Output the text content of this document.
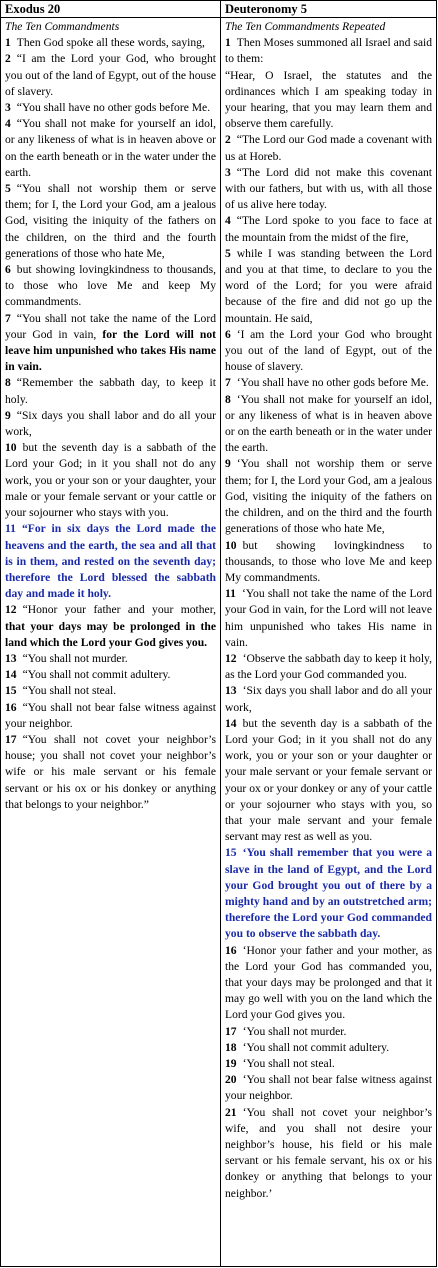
Exodus 20
The Ten Commandments
1 Then God spoke all these words, saying,
2 “I am the Lord your God, who brought you out of the land of Egypt, out of the house of slavery.
3 “You shall have no other gods before Me.
4 “You shall not make for yourself an idol, or any likeness of what is in heaven above or on the earth beneath or in the water under the earth.
5 “You shall not worship them or serve them; for I, the Lord your God, am a jealous God, visiting the iniquity of the fathers on the children, on the third and the fourth generations of those who hate Me,
6 but showing lovingkindness to thousands, to those who love Me and keep My commandments.
7 “You shall not take the name of the Lord your God in vain, for the Lord will not leave him unpunished who takes His name in vain.
8 “Remember the sabbath day, to keep it holy.
9 “Six days you shall labor and do all your work,
10 but the seventh day is a sabbath of the Lord your God; in it you shall not do any work, you or your son or your daughter, your male or your female servant or your cattle or your sojourner who stays with you.
11 “For in six days the Lord made the heavens and the earth, the sea and all that is in them, and rested on the seventh day; therefore the Lord blessed the sabbath day and made it holy.
12 “Honor your father and your mother, that your days may be prolonged in the land which the Lord your God gives you.
13 “You shall not murder.
14 “You shall not commit adultery.
15 “You shall not steal.
16 “You shall not bear false witness against your neighbor.
17 “You shall not covet your neighbor’s house; you shall not covet your neighbor’s wife or his male servant or his female servant or his ox or his donkey or anything that belongs to your neighbor.”
Deuteronomy 5
The Ten Commandments Repeated
1 Then Moses summoned all Israel and said to them:
“Hear, O Israel, the statutes and the ordinances which I am speaking today in your hearing, that you may learn them and observe them carefully.
2 “The Lord our God made a covenant with us at Horeb.
3 “The Lord did not make this covenant with our fathers, but with us, with all those of us alive here today.
4 “The Lord spoke to you face to face at the mountain from the midst of the fire,
5 while I was standing between the Lord and you at that time, to declare to you the word of the Lord; for you were afraid because of the fire and did not go up the mountain. He said,
6 ‘I am the Lord your God who brought you out of the land of Egypt, out of the house of slavery.
7 ‘You shall have no other gods before Me.
8 ‘You shall not make for yourself an idol, or any likeness of what is in heaven above or on the earth beneath or in the water under the earth.
9 ‘You shall not worship them or serve them; for I, the Lord your God, am a jealous God, visiting the iniquity of the fathers on the children, and on the third and the fourth generations of those who hate Me,
10 but showing lovingkindness to thousands, to those who love Me and keep My commandments.
11 ‘You shall not take the name of the Lord your God in vain, for the Lord will not leave him unpunished who takes His name in vain.
12 ‘Observe the sabbath day to keep it holy, as the Lord your God commanded you.
13 ‘Six days you shall labor and do all your work,
14 but the seventh day is a sabbath of the Lord your God; in it you shall not do any work, you or your son or your daughter or your male servant or your female servant or your ox or your donkey or any of your cattle or your sojourner who stays with you, so that your male servant and your female servant may rest as well as you.
15 ‘You shall remember that you were a slave in the land of Egypt, and the Lord your God brought you out of there by a mighty hand and by an outstretched arm; therefore the Lord your God commanded you to observe the sabbath day.
16 ‘Honor your father and your mother, as the Lord your God has commanded you, that your days may be prolonged and that it may go well with you on the land which the Lord your God gives you.
17 ‘You shall not murder.
18 ‘You shall not commit adultery.
19 ‘You shall not steal.
20 ‘You shall not bear false witness against your neighbor.
21 ‘You shall not covet your neighbor’s wife, and you shall not desire your neighbor’s house, his field or his male servant or his female servant, his ox or his donkey or anything that belongs to your neighbor.’
